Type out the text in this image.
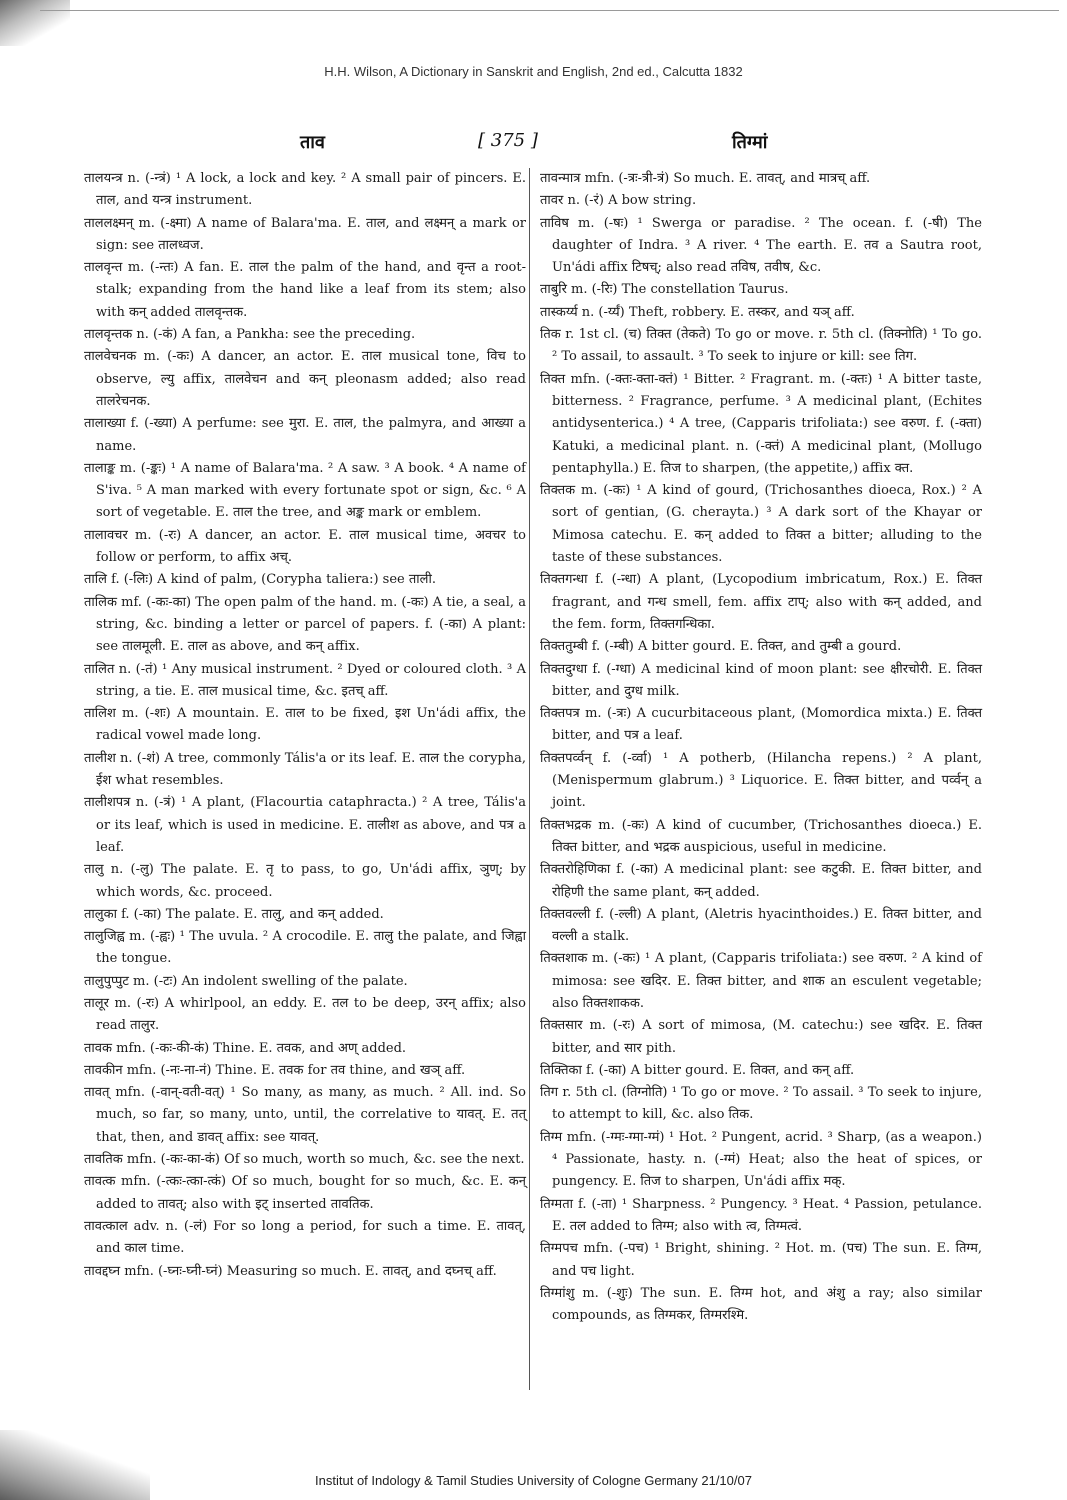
H.H. Wilson, A Dictionary in Sanskrit and English, 2nd ed., Calcutta 1832
ताव	[ 375 ]	तिग्मां

तालयन्त्र n. (-न्त्रं) ¹ A lock, a lock and key. ² A small pair of pincers. E. ताल, and यन्त्र instrument.

ताललक्ष्मन् m. (-क्ष्मा) A name of Balara'ma. E. ताल, and लक्ष्मन् a mark or sign: see तालध्वज.

तालवृन्त m. (-न्तः) A fan. E. ताल the palm of the hand, and वृन्त a root-stalk; expanding from the hand like a leaf from its stem; also with कन् added तालवृन्तक.

तालवृन्तक n. (-कं) A fan, a Pankha: see the preceding.

तालवेचनक m. (-कः) A dancer, an actor. E. ताल musical tone, विच to observe, ल्यु affix, तालवेचन and कन् pleonasm added; also read तालरेचनक.

तालाख्या f. (-ख्या) A perfume: see मुरा. E. ताल, the palmyra, and आख्या a name.

तालाङ्क m. (-ङ्कः) ¹ A name of Balara'ma. ² A saw. ³ A book. ⁴ A name of S'iva. ⁵ A man marked with every fortunate spot or sign, &c. ⁶ A sort of vegetable. E. ताल the tree, and अङ्क mark or emblem.

तालावचर m. (-रः) A dancer, an actor. E. ताल musical time, अवचर to follow or perform, to affix अच्.

तालि f. (-लिः) A kind of palm, (Corypha taliera:) see ताली.

तालिक mf. (-कः-का) The open palm of the hand. m. (-कः) A tie, a seal, a string, &c. binding a letter or parcel of papers. f. (-का) A plant: see तालमूली. E. ताल as above, and कन् affix.

तालित n. (-तं) ¹ Any musical instrument. ² Dyed or coloured cloth. ³ A string, a tie. E. ताल musical time, &c. इतच् aff.

तालिश m. (-शः) A mountain. E. ताल to be fixed, इश Un'ádi affix, the radical vowel made long.

तालीश n. (-शं) A tree, commonly Tális'a or its leaf. E. ताल the corypha, ईश what resembles.

तालीशपत्र n. (-त्रं) ¹ A plant, (Flacourtia cataphracta.) ² A tree, Tális'a or its leaf, which is used in medicine. E. तालीश as above, and पत्र a leaf.

तालु n. (-लु) The palate. E. तृ to pass, to go, Un'ádi affix, ञुण्; by which words, &c. proceed.

तालुका f. (-का) The palate. E. तालु, and कन् added.

तालुजिह्व m. (-ह्वः) ¹ The uvula. ² A crocodile. E. तालु the palate, and जिह्वा the tongue.

तालुपुप्पुट m. (-टः) An indolent swelling of the palate.

तालूर m. (-रः) A whirlpool, an eddy. E. तल to be deep, उरन् affix; also read तालुर.

तावक mfn. (-कः-की-कं) Thine. E. तवक, and अण् added.

तावकीन mfn. (-नः-ना-नं) Thine. E. तवक for तव thine, and खञ् aff.

तावत् mfn. (-वान्-वती-वत्) ¹ So many, as many, as much. ² All. ind. So much, so far, so many, unto, until, the correlative to यावत्. E. तत् that, then, and डावत् affix: see यावत्.

तावतिक mfn. (-कः-का-कं) Of so much, worth so much, &c. see the next.

तावत्क mfn. (-त्कः-त्का-त्कं) Of so much, bought for so much, &c. E. कन् added to तावत्; also with इट् inserted तावतिक.

तावत्काल adv. n. (-लं) For so long a period, for such a time. E. तावत्, and काल time.

तावद्दघ्न mfn. (-घ्नः-घ्नी-घ्नं) Measuring so much. E. तावत्, and दघ्नच् aff.

तावन्मात्र mfn. (-त्रः-त्री-त्रं) So much. E. तावत्, and मात्रच् aff.

तावर n. (-रं) A bow string.

ताविष m. (-षः) ¹ Swerga or paradise. ² The ocean. f. (-षी) The daughter of Indra. ³ A river. ⁴ The earth. E. तव a Sautra root, Un'ádi affix टिषच्; also read तविष, तवीष, &c.

ताबुरि m. (-रिः) The constellation Taurus.

तास्कर्य्य n. (-र्य्यं) Theft, robbery. E. तस्कर, and यञ् aff.

तिक r. 1st cl. (च) तिक्त (तेकते) To go or move. r. 5th cl. (तिक्नोति) ¹ To go. ² To assail, to assault. ³ To seek to injure or kill: see तिग.

तिक्त mfn. (-क्तः-क्ता-क्तं) ¹ Bitter. ² Fragrant. m. (-क्तः) ¹ A bitter taste, bitterness. ² Fragrance, perfume. ³ A medicinal plant, (Echites antidysenterica.) ⁴ A tree, (Capparis trifoliata:) see वरुण. f. (-क्ता) Katuki, a medicinal plant. n. (-क्तं) A medicinal plant, (Mollugo pentaphylla.) E. तिज to sharpen, (the appetite,) affix क्त.

तिक्तक m. (-कः) ¹ A kind of gourd, (Trichosanthes dioeca, Rox.) ² A sort of gentian, (G. cherayta.) ³ A dark sort of the Khayar or Mimosa catechu. E. कन् added to तिक्त a bitter; alluding to the taste of these substances.

तिक्तगन्धा f. (-न्धा) A plant, (Lycopodium imbricatum, Rox.) E. तिक्त fragrant, and गन्ध smell, fem. affix टाप्; also with कन् added, and the fem. form, तिक्तगन्धिका.

तिक्ततुम्बी f. (-म्बी) A bitter gourd. E. तिक्त, and तुम्बी a gourd.

तिक्तदुग्धा f. (-ग्धा) A medicinal kind of moon plant: see क्षीरचोरी. E. तिक्त bitter, and दुग्ध milk.

तिक्तपत्र m. (-त्रः) A cucurbitaceous plant, (Momordica mixta.) E. तिक्त bitter, and पत्र a leaf.

तिक्तपर्व्वन् f. (-र्व्वा) ¹ A potherb, (Hilancha repens.) ² A plant, (Menispermum glabrum.) ³ Liquorice. E. तिक्त bitter, and पर्व्वन् a joint.

तिक्तभद्रक m. (-कः) A kind of cucumber, (Trichosanthes dioeca.) E. तिक्त bitter, and भद्रक auspicious, useful in medicine.

तिक्तरोहिणिका f. (-का) A medicinal plant: see कटुकी. E. तिक्त bitter, and रोहिणी the same plant, कन् added.

तिक्तवल्ली f. (-ल्ली) A plant, (Aletris hyacinthoides.) E. तिक्त bitter, and वल्ली a stalk.

तिक्तशाक m. (-कः) ¹ A plant, (Capparis trifoliata:) see वरुण. ² A kind of mimosa: see खदिर. E. तिक्त bitter, and शाक an esculent vegetable; also तिक्तशाकक.

तिक्तसार m. (-रः) A sort of mimosa, (M. catechu:) see खदिर. E. तिक्त bitter, and सार pith.

तिक्तिका f. (-का) A bitter gourd. E. तिक्त, and कन् aff.

तिग r. 5th cl. (तिग्नोति) ¹ To go or move. ² To assail. ³ To seek to injure, to attempt to kill, &c. also तिक.

तिग्म mfn. (-ग्मः-ग्मा-ग्मं) ¹ Hot. ² Pungent, acrid. ³ Sharp, (as a weapon.) ⁴ Passionate, hasty. n. (-ग्मं) Heat; also the heat of spices, or pungency. E. तिज to sharpen, Un'ádi affix मक्.

तिग्मता f. (-ता) ¹ Sharpness. ² Pungency. ³ Heat. ⁴ Passion, petulance. E. तल added to तिग्म; also with त्व, तिग्मत्वं.

तिग्मपच mfn. (-पच) ¹ Bright, shining. ² Hot. m. (पच) The sun. E. तिग्म, and पच light.

तिग्मांशु m. (-शुः) The sun. E. तिग्म hot, and अंशु a ray; also similar compounds, as तिग्मकर, तिग्मरश्मि.

Institut of Indology & Tamil Studies University of Cologne Germany 21/10/07
